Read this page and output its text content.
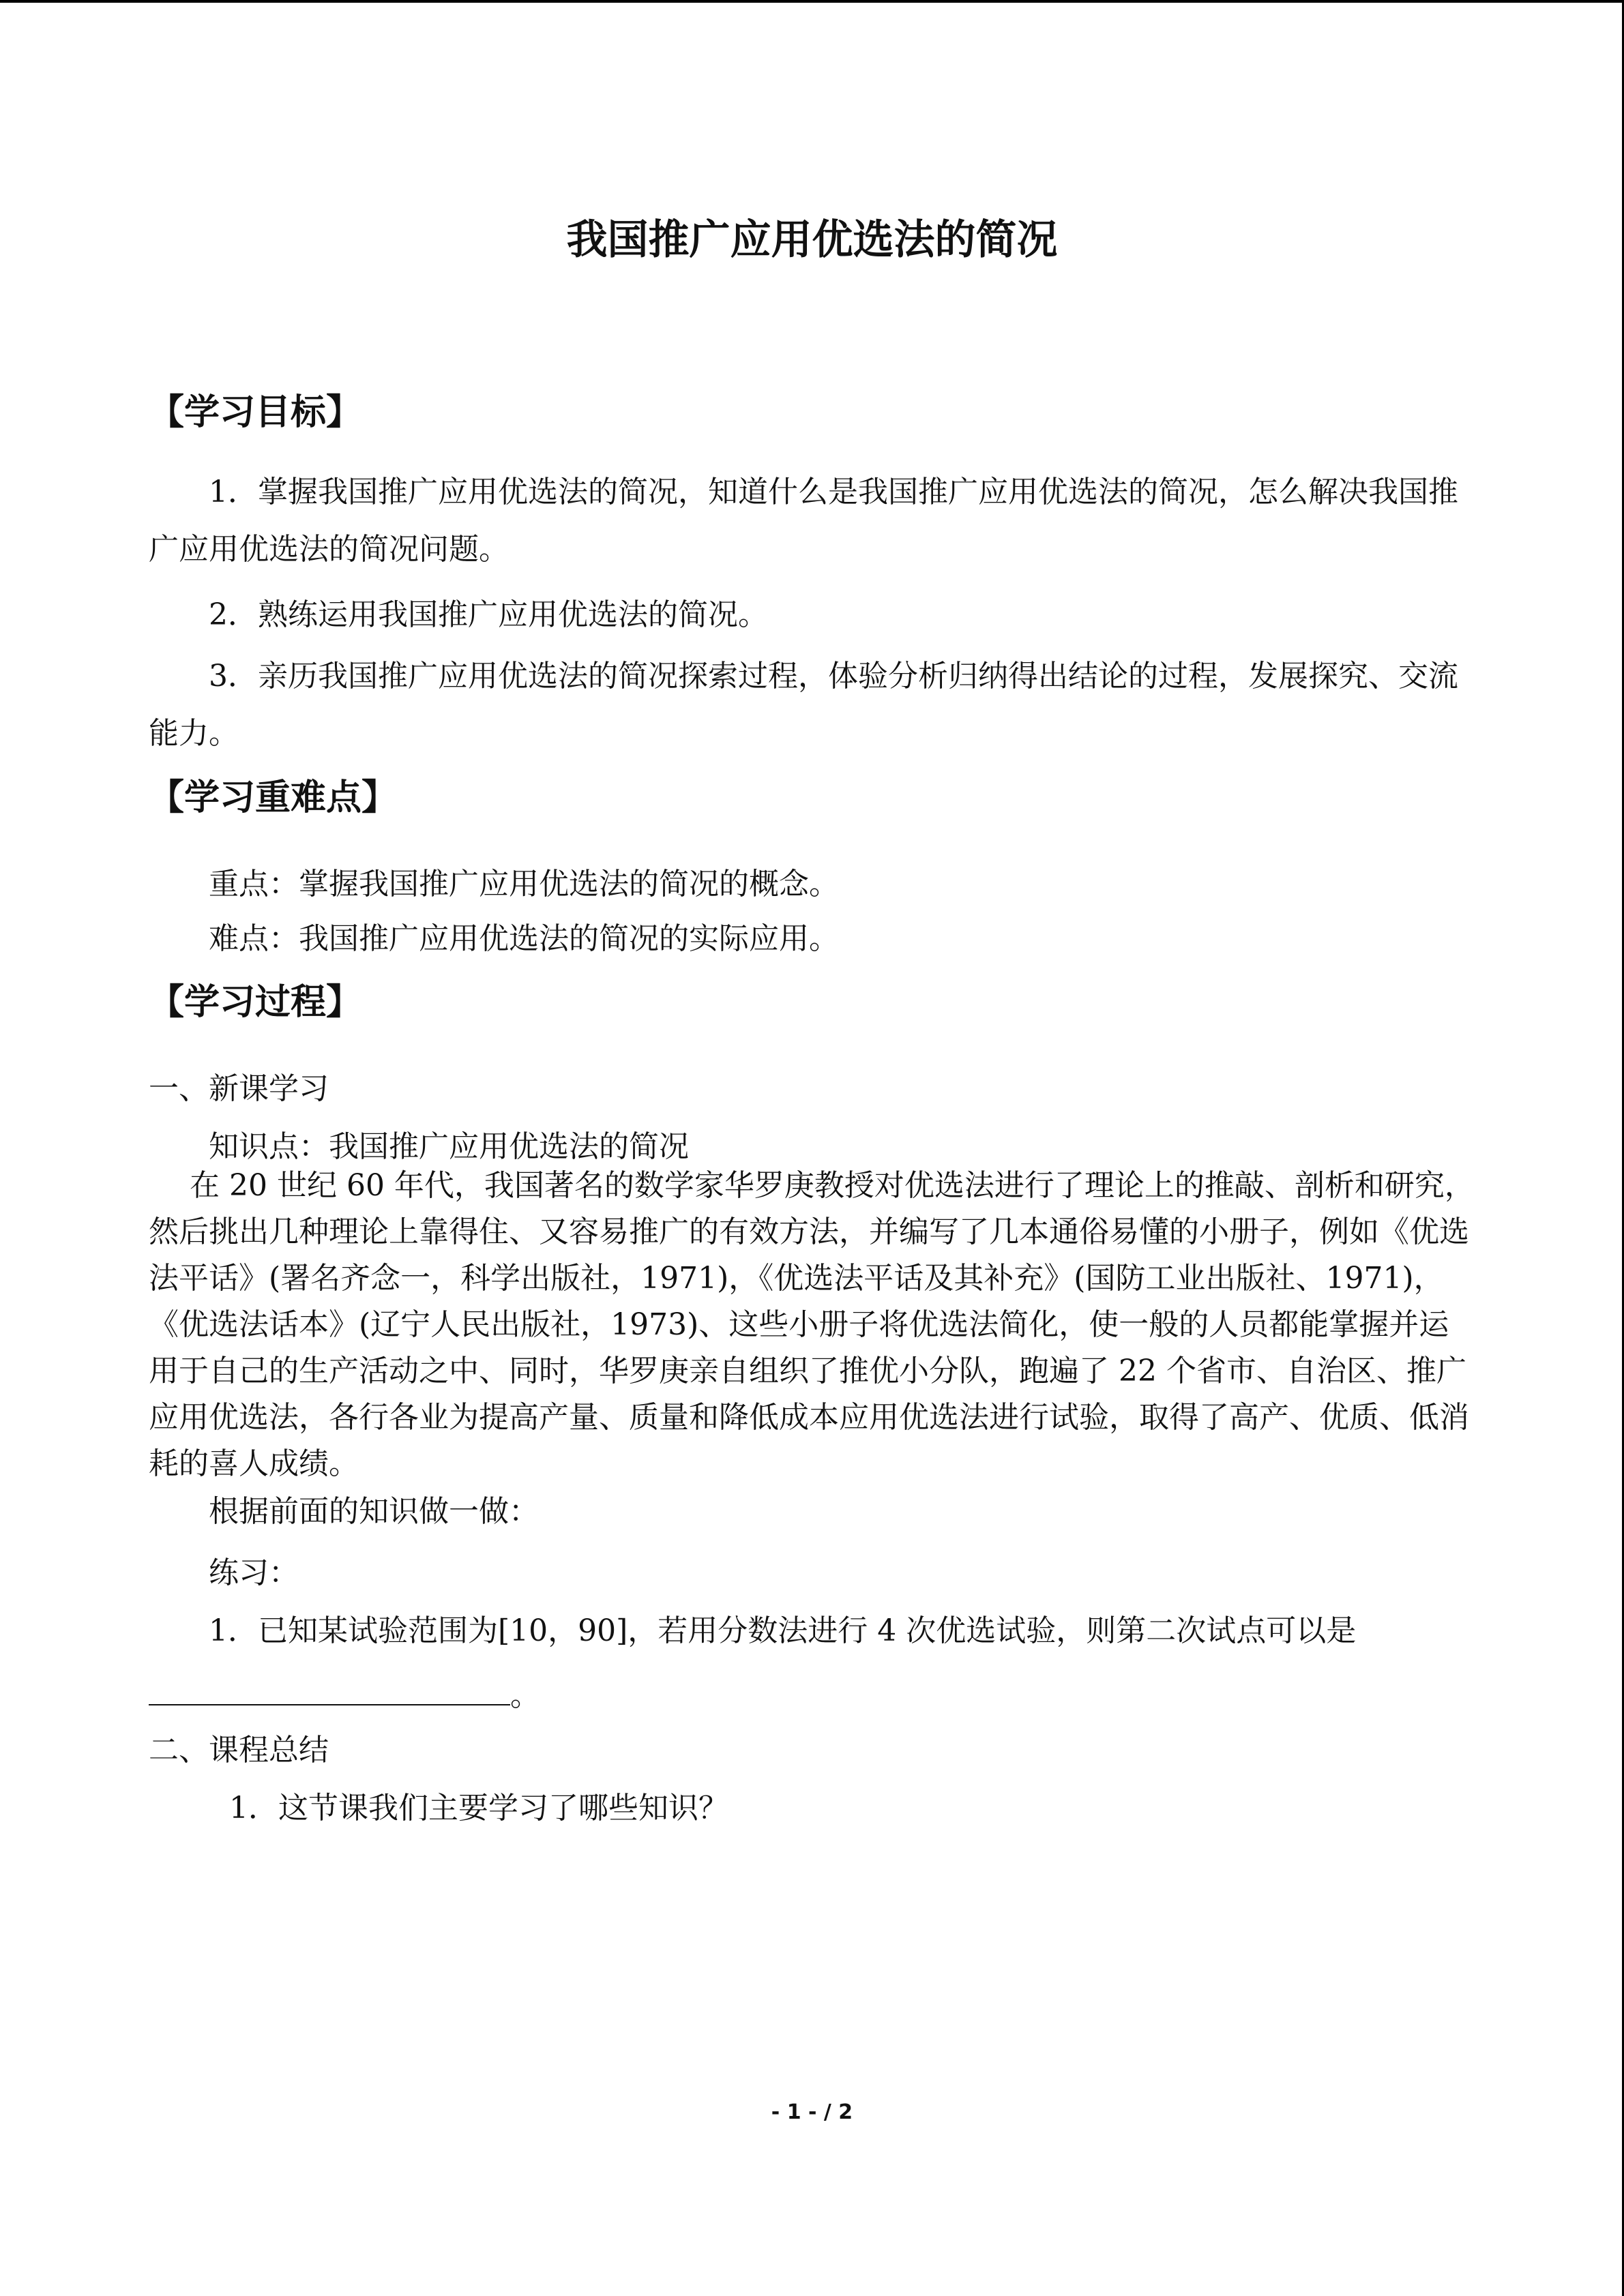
我国推广应用优选法的简况
【学习目标】

1．掌握我国推广应用优选法的简况，知道什么是我国推广应用优选法的简况，怎么解决我国推广应用优选法的简况问题。

2．熟练运用我国推广应用优选法的简况。

3．亲历我国推广应用优选法的简况探索过程，体验分析归纳得出结论的过程，发展探究、交流能力。

【学习重难点】

重点：掌握我国推广应用优选法的简况的概念。

难点：我国推广应用优选法的简况的实际应用。

【学习过程】

一、新课学习

知识点：我国推广应用优选法的简况

在 20 世纪 60 年代，我国著名的数学家华罗庚教授对优选法进行了理论上的推敲、剖析和研究，然后挑出几种理论上靠得住、又容易推广的有效方法，并编写了几本通俗易懂的小册子，例如《优选法平话》(署名齐念一，科学出版社，1971)，《优选法平话及其补充》(国防工业出版社、1971)，《优选法话本》(辽宁人民出版社，1973)、这些小册子将优选法简化，使一般的人员都能掌握并运用于自己的生产活动之中、同时，华罗庚亲自组织了推优小分队，跑遍了 22 个省市、自治区、推广应用优选法，各行各业为提高产量、质量和降低成本应用优选法进行试验，取得了高产、优质、低消耗的喜人成绩。

根据前面的知识做一做：

练习：

1．已知某试验范围为[10，90]，若用分数法进行 4 次优选试验，则第二次试点可以是

。

二、课程总结

1．这节课我们主要学习了哪些知识？

- 1 - / 2
